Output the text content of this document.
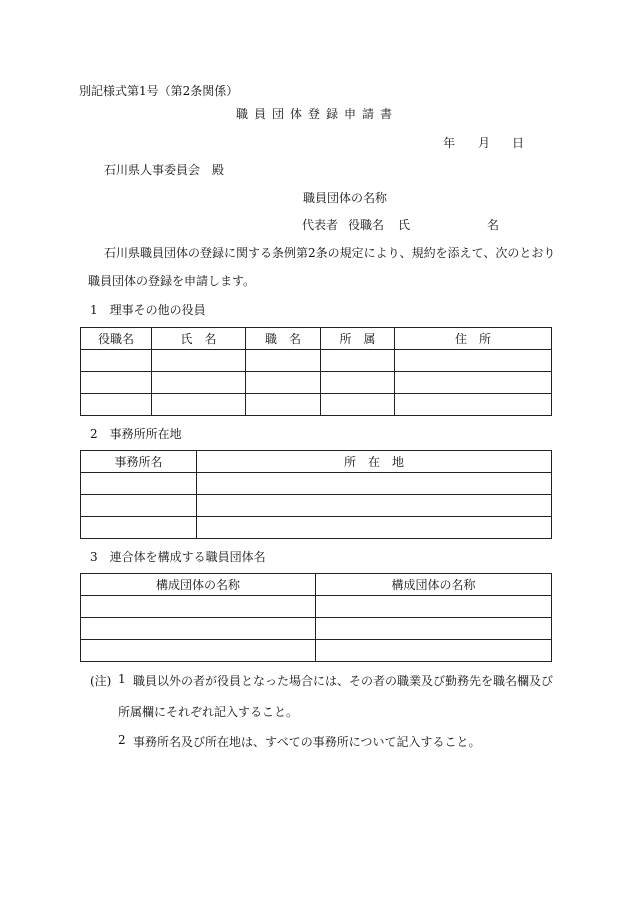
別記様式第1号（第2条関係）
職員団体登録申請書
年 月 日
石川県人事委員会　殿
職員団体の名称
代表者 役職名 氏	名
石川県職員団体の登録に関する条例第2条の規定により、規約を添えて、次のとおり
職員団体の登録を申請します。
1　理事その他の役員
役職名	氏　名	職　名	所　属	住　所

2　事務所所在地
事務所名	所　在　地

3　連合体を構成する職員団体名
構成団体の名称	構成団体の名称

(注) 1 職員以外の者が役員となった場合には、その者の職業及び勤務先を職名欄及び
所属欄にそれぞれ記入すること。
2 事務所名及び所在地は、すべての事務所について記入すること。
